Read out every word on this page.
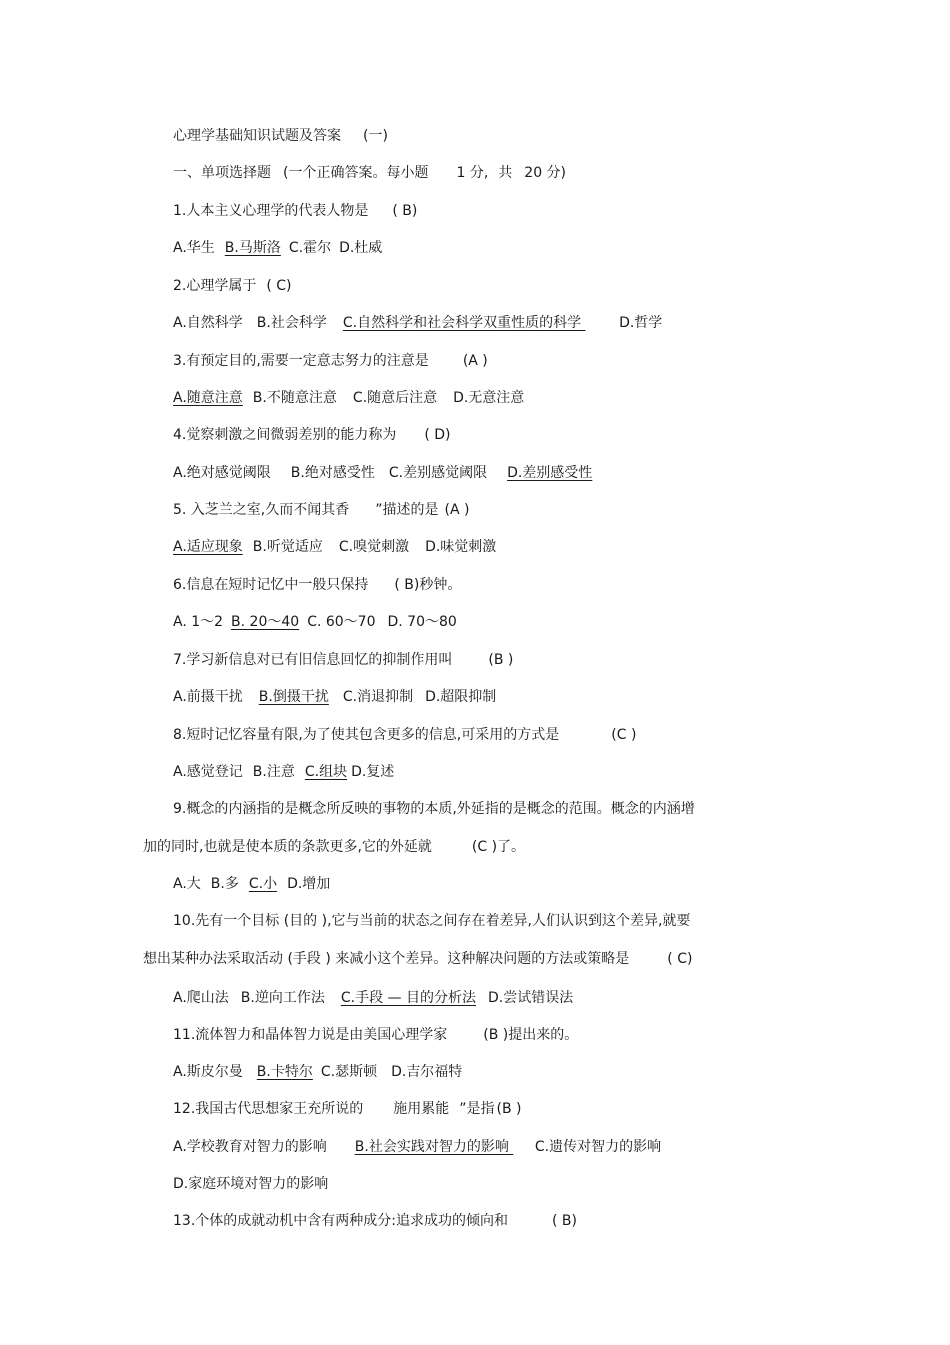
心理学基础知识试题及答案 (一)
一、单项选择题 (一个正确答案。每小题 1 分, 共 20 分)
1.人本主义心理学的代表人物是 ( B)
A.华生 B.马斯洛 C.霍尔 D.杜威
2.心理学属于 ( C)
A.自然科学 B.社会科学 C.自然科学和社会科学双重性质的科学	D.哲学
3.有预定目的,需要一定意志努力的注意是 (A )
A.随意注意 B.不随意注意 C.随意后注意 D.无意注意
4.觉察刺激之间微弱差别的能力称为 ( D)
A.绝对感觉阈限 B.绝对感受性 C.差别感觉阈限 D.差别感受性
5. 入芝兰之室,久而不闻其香 ”描述的是 (A )
A.适应现象 B.听觉适应 C.嗅觉刺激 D.味觉刺激
6.信息在短时记忆中一般只保持 ( B)秒钟。
A. 1～2 B. 20～40 C. 60～70 D. 70～80
7.学习新信息对已有旧信息回忆的抑制作用叫	(B )
A.前摄干扰 B.倒摄干扰 C.消退抑制 D.超限抑制
8.短时记忆容量有限,为了使其包含更多的信息,可采用的方式是	(C )
A.感觉登记 B.注意 C.组块 D.复述
9.概念的内涵指的是概念所反映的事物的本质,外延指的是概念的范围。概念的内涵增
加的同时,也就是使本质的条款更多,它的外延就	(C )了。
A.大 B.多 C.小 D.增加
10.先有一个目标 (目的 ),它与当前的状态之间存在着差异,人们认识到这个差异,就要
想出某种办法采取活动 (手段 ) 来减小这个差异。这种解决问题的方法或策略是	( C)
A.爬山法 B.逆向工作法 C.手段 — 目的分析法 D.尝试错误法
11.流体智力和晶体智力说是由美国心理学家	(B )提出来的。
A.斯皮尔曼 B.卡特尔 C.瑟斯顿 D.吉尔福特
12.我国古代思想家王充所说的 施用累能 ”是指 (B )
A.学校教育对智力的影响 B.社会实践对智力的影响 C.遗传对智力的影响
D.家庭环境对智力的影响
13.个体的成就动机中含有两种成分:追求成功的倾向和	( B)
